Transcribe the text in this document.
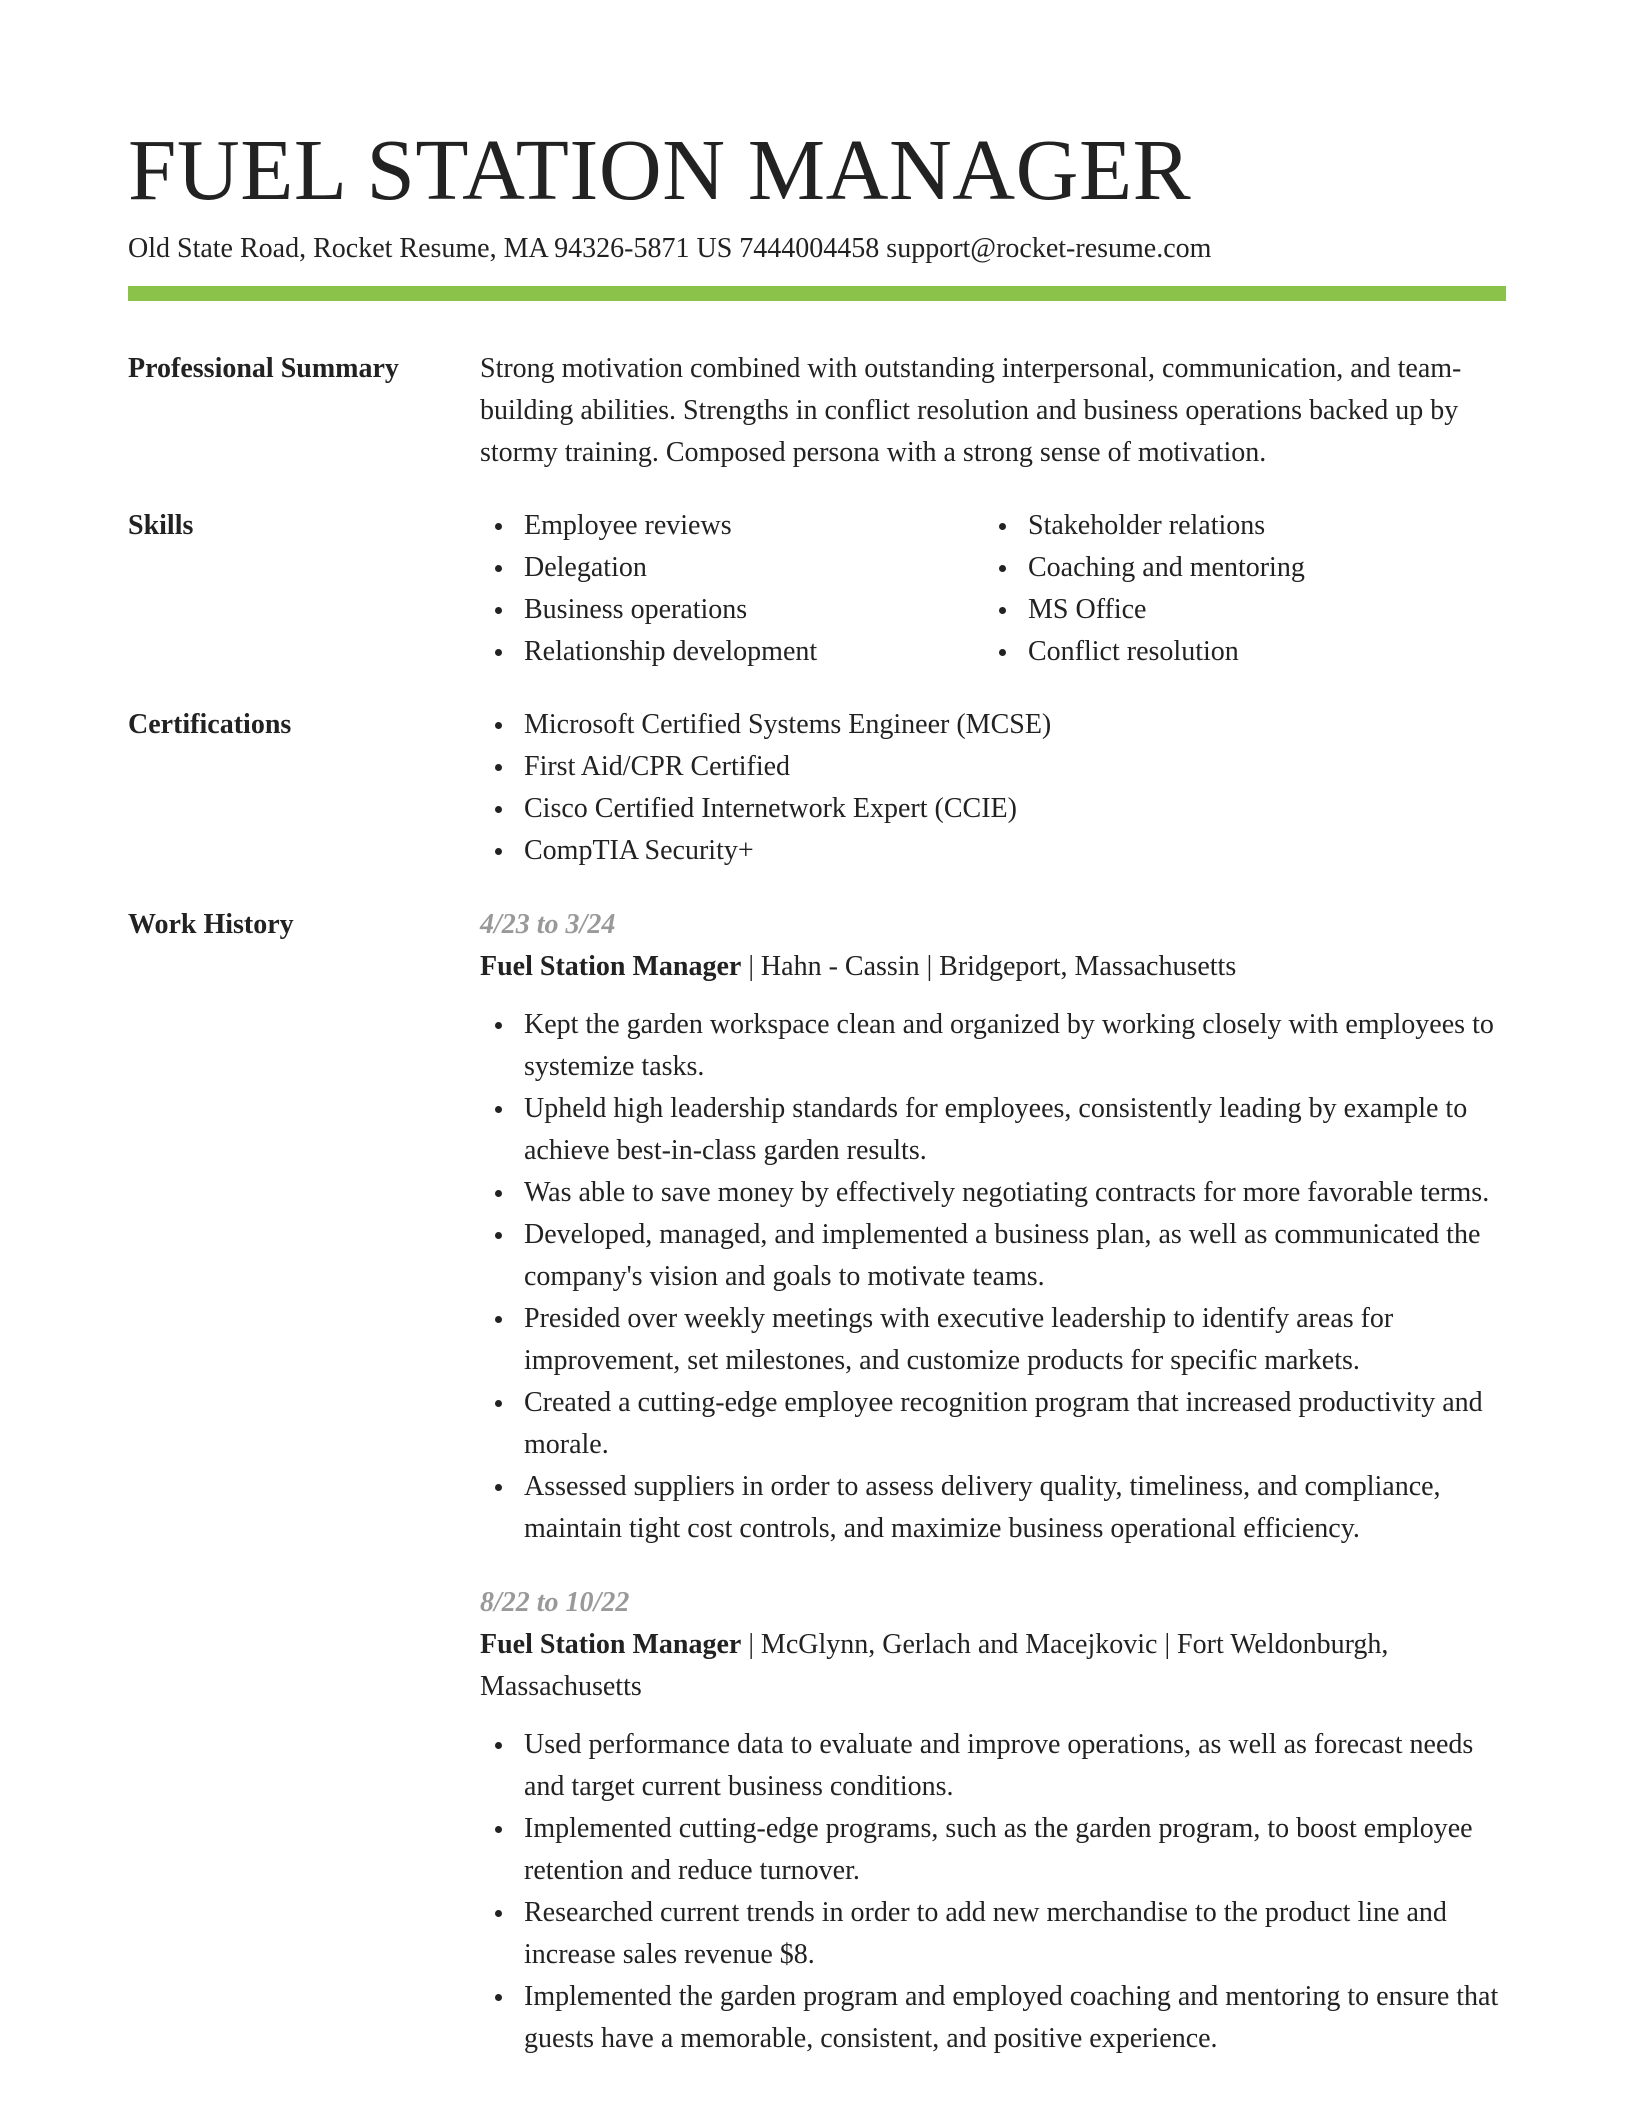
FUEL STATION MANAGER
Old State Road, Rocket Resume, MA 94326-5871 US 7444004458 support@rocket-resume.com
Professional Summary	Strong motivation combined with outstanding interpersonal, communication, and team-building abilities. Strengths in conflict resolution and business operations backed up by stormy training. Composed persona with a strong sense of motivation.

Skills	Employee reviews
Delegation
Business operations
Relationship development
Stakeholder relations
Coaching and mentoring
MS Office
Conflict resolution
Certifications	Microsoft Certified Systems Engineer (MCSE)
First Aid/CPR Certified
Cisco Certified Internetwork Expert (CCIE)
CompTIA Security+
Work History	4/23 to 3/24
Fuel Station Manager | Hahn - Cassin | Bridgeport, Massachusetts
Kept the garden workspace clean and organized by working closely with employees to systemize tasks.
Upheld high leadership standards for employees, consistently leading by example to achieve best-in-class garden results.
Was able to save money by effectively negotiating contracts for more favorable terms.
Developed, managed, and implemented a business plan, as well as communicated the company's vision and goals to motivate teams.
Presided over weekly meetings with executive leadership to identify areas for improvement, set milestones, and customize products for specific markets.
Created a cutting-edge employee recognition program that increased productivity and morale.
Assessed suppliers in order to assess delivery quality, timeliness, and compliance, maintain tight cost controls, and maximize business operational efficiency.
8/22 to 10/22
Fuel Station Manager | McGlynn, Gerlach and Macejkovic | Fort Weldonburgh, Massachusetts
Used performance data to evaluate and improve operations, as well as forecast needs and target current business conditions.
Implemented cutting-edge programs, such as the garden program, to boost employee retention and reduce turnover.
Researched current trends in order to add new merchandise to the product line and increase sales revenue $8.
Implemented the garden program and employed coaching and mentoring to ensure that guests have a memorable, consistent, and positive experience.
